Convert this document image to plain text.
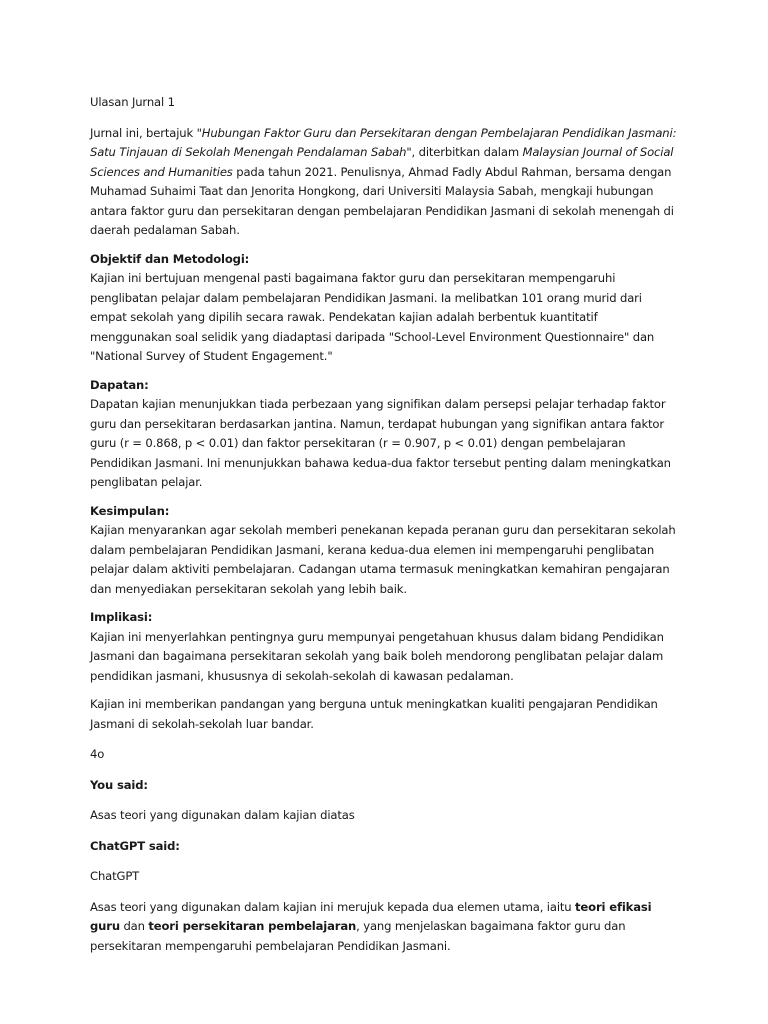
Ulasan Jurnal 1

Jurnal ini, bertajuk "Hubungan Faktor Guru dan Persekitaran dengan Pembelajaran Pendidikan Jasmani: Satu Tinjauan di Sekolah Menengah Pendalaman Sabah", diterbitkan dalam Malaysian Journal of Social Sciences and Humanities pada tahun 2021. Penulisnya, Ahmad Fadly Abdul Rahman, bersama dengan Muhamad Suhaimi Taat dan Jenorita Hongkong, dari Universiti Malaysia Sabah, mengkaji hubungan antara faktor guru dan persekitaran dengan pembelajaran Pendidikan Jasmani di sekolah menengah di daerah pedalaman Sabah.

Objektif dan Metodologi:
Kajian ini bertujuan mengenal pasti bagaimana faktor guru dan persekitaran mempengaruhi penglibatan pelajar dalam pembelajaran Pendidikan Jasmani. Ia melibatkan 101 orang murid dari empat sekolah yang dipilih secara rawak. Pendekatan kajian adalah berbentuk kuantitatif menggunakan soal selidik yang diadaptasi daripada "School-Level Environment Questionnaire" dan "National Survey of Student Engagement."

Dapatan:
Dapatan kajian menunjukkan tiada perbezaan yang signifikan dalam persepsi pelajar terhadap faktor guru dan persekitaran berdasarkan jantina. Namun, terdapat hubungan yang signifikan antara faktor guru (r = 0.868, p < 0.01) dan faktor persekitaran (r = 0.907, p < 0.01) dengan pembelajaran Pendidikan Jasmani. Ini menunjukkan bahawa kedua-dua faktor tersebut penting dalam meningkatkan penglibatan pelajar.

Kesimpulan:
Kajian menyarankan agar sekolah memberi penekanan kepada peranan guru dan persekitaran sekolah dalam pembelajaran Pendidikan Jasmani, kerana kedua-dua elemen ini mempengaruhi penglibatan pelajar dalam aktiviti pembelajaran. Cadangan utama termasuk meningkatkan kemahiran pengajaran dan menyediakan persekitaran sekolah yang lebih baik.

Implikasi:
Kajian ini menyerlahkan pentingnya guru mempunyai pengetahuan khusus dalam bidang Pendidikan Jasmani dan bagaimana persekitaran sekolah yang baik boleh mendorong penglibatan pelajar dalam pendidikan jasmani, khususnya di sekolah-sekolah di kawasan pedalaman.

Kajian ini memberikan pandangan yang berguna untuk meningkatkan kualiti pengajaran Pendidikan Jasmani di sekolah-sekolah luar bandar.

4o

You said:

Asas teori yang digunakan dalam kajian diatas

ChatGPT said:

ChatGPT

Asas teori yang digunakan dalam kajian ini merujuk kepada dua elemen utama, iaitu teori efikasi guru dan teori persekitaran pembelajaran, yang menjelaskan bagaimana faktor guru dan persekitaran mempengaruhi pembelajaran Pendidikan Jasmani.
